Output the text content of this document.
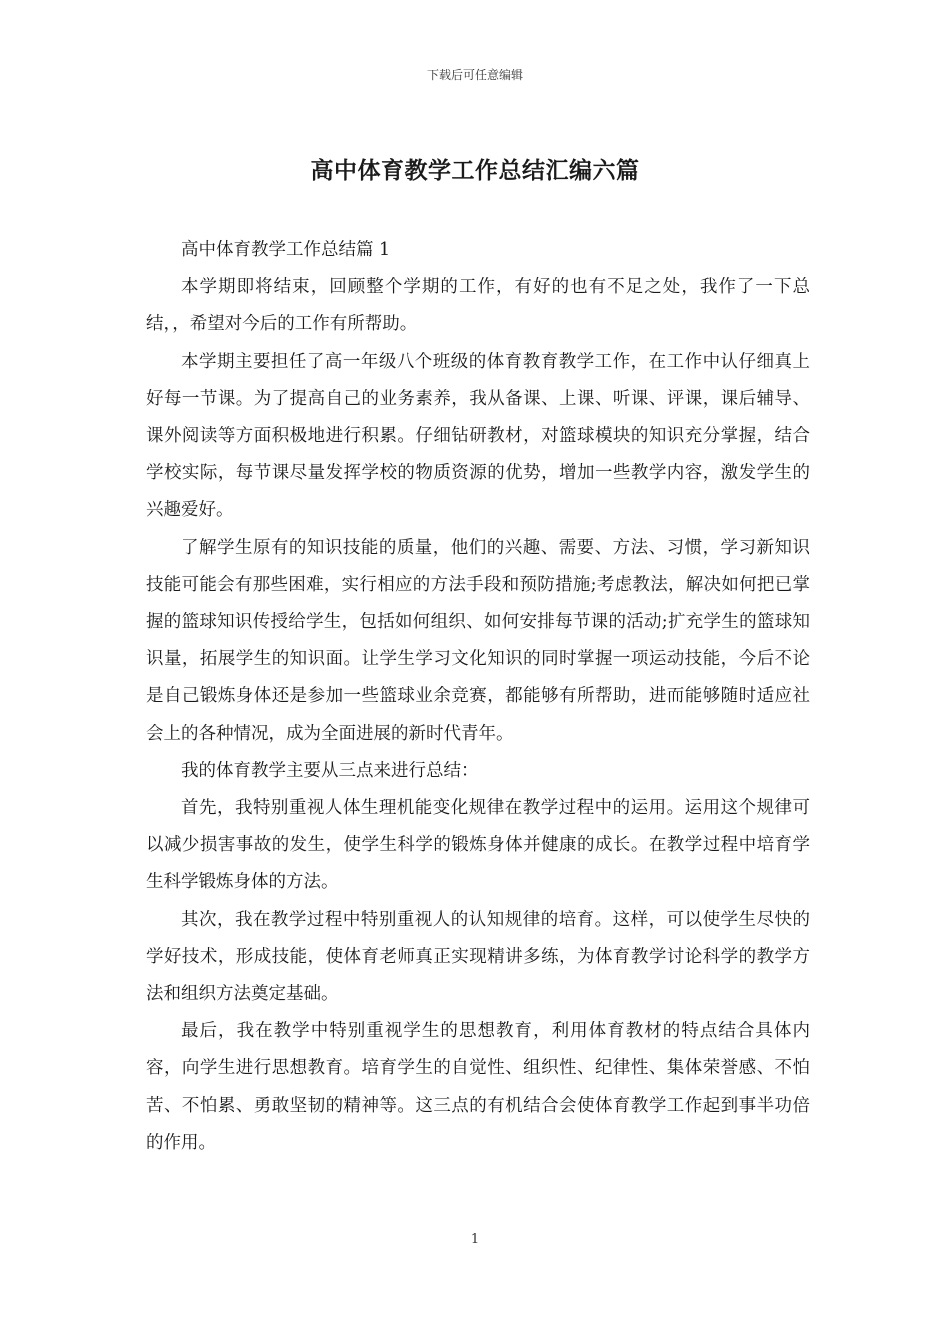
下载后可任意编辑
高中体育教学工作总结汇编六篇

高中体育教学工作总结篇 1

本学期即将结束，回顾整个学期的工作，有好的也有不足之处，我作了一下总结，，希望对今后的工作有所帮助。

本学期主要担任了高一年级八个班级的体育教育教学工作，在工作中认仔细真上好每一节课。为了提高自己的业务素养，我从备课、上课、听课、评课，课后辅导、课外阅读等方面积极地进行积累。仔细钻研教材，对篮球模块的知识充分掌握，结合学校实际，每节课尽量发挥学校的物质资源的优势，增加一些教学内容，激发学生的兴趣爱好。

了解学生原有的知识技能的质量，他们的兴趣、需要、方法、习惯，学习新知识技能可能会有那些困难，实行相应的方法手段和预防措施;考虑教法，解决如何把已掌握的篮球知识传授给学生，包括如何组织、如何安排每节课的活动;扩充学生的篮球知识量，拓展学生的知识面。让学生学习文化知识的同时掌握一项运动技能，今后不论是自己锻炼身体还是参加一些篮球业余竞赛，都能够有所帮助，进而能够随时适应社会上的各种情况，成为全面进展的新时代青年。

我的体育教学主要从三点来进行总结：

首先，我特别重视人体生理机能变化规律在教学过程中的运用。运用这个规律可以减少损害事故的发生，使学生科学的锻炼身体并健康的成长。在教学过程中培育学生科学锻炼身体的方法。

其次，我在教学过程中特别重视人的认知规律的培育。这样，可以使学生尽快的学好技术，形成技能，使体育老师真正实现精讲多练，为体育教学讨论科学的教学方法和组织方法奠定基础。

最后，我在教学中特别重视学生的思想教育，利用体育教材的特点结合具体内容，向学生进行思想教育。培育学生的自觉性、组织性、纪律性、集体荣誉感、不怕苦、不怕累、勇敢坚韧的精神等。这三点的有机结合会使体育教学工作起到事半功倍的作用。

1
